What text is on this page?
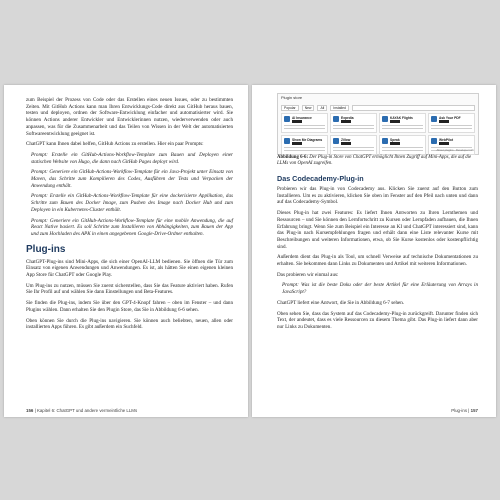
zum Beispiel der Prozess von Code oder das Erstellen eines neuen Issues, oder zu bestimmten Zeiten. Mit GitHub Actions kann man Ihren Entwicklungs-Code direkt aus GitHub heraus bauen, testen und deployen, ordnen der Software-Entwicklung einfacher und automatisierter wird. Sie können Actions anderer Entwickler und Entwicklerinnen nutzen, wiederverwenden oder auch anpassen, was für die Zusammenarbeit und das Teilen von Wissen in der Welt der automatisierten Softwareentwicklung geeignet ist.

ChatGPT kann Ihnen dabei helfen, GitHub Actions zu erstellen. Hier ein paar Prompts:

Prompt: Erstelle ein GitHub-Actions-Workflow-Template zum Bauen und Deployen einer statischen Website von Hugo, die dann nach GitHub Pages deployt wird.

Prompt: Generiere ein GitHub-Actions-Workflow-Template für ein Java-Projekt unter Einsatz von Maven, das Schritte zum Kompilieren des Codes, Ausführen der Tests und Verpacken der Anwendung enthält.

Prompt: Erstelle ein GitHub-Actions-Workflow-Template für eine dockerisierte Applikation, das Schritte zum Bauen des Docker Image, zum Pushen des Image nach Docker Hub und zum Deployen in ein Kubernetes-Cluster enthält.

Prompt: Generiere ein GitHub-Actions-Workflow-Template für eine mobile Anwendung, die auf React Native basiert. Es soll Schritte zum Installieren von Abhängigkeiten, zum Bauen der App und zum Hochladen des APK in einen angegebenen Google-Drive-Ordner enthalten.

Plug-ins

ChatGPT-Plug-ins sind Mini-Apps, die sich einer OpenAI-LLM bedienen. Sie öffnen die Tür zum Einsatz von eigenen Anwendungen und Anwendungen. Es ist, als hätten Sie einen eigenen kleinen App Store für ChatGPT oder Google Play.

Um Plug-ins zu nutzen, müssen Sie zuerst sicherstellen, dass Sie das Feature aktiviert haben. Rufen Sie Ihr Profil auf und wählen Sie dann Einstellungen und Beta-Features.

Sie finden die Plug-ins, indem Sie über den GPT-4-Knopf fahren – oben im Fenster – und dann Plugins wählen. Dann erhalten Sie den Plugin Store, das Sie in Abbildung 6-6 sehen.

Oben können Sie durch die Plug-ins navigieren. Sie können auch beliebten, neuen, allen oder installierten Apps führen. Es gibt außerdem ein Suchfeld.

156 | Kapitel 6: ChatGPT und andere vermeintliche LLMs
Plugin store
Popular	New	All	Installed
AI Insurance	Expedia	KAYAK Flights	Ask Your PDF
Show Me Diagrams	Zillow	Speak	WebPilot
About plugins · Developer info
Abbildung 6-6: Der Plug-in Store von ChatGPT ermöglicht Ihnen Zugriff auf Mini-Apps, die auf die LLMs von OpenAI zugreifen.
Das Codecademy-Plug-in

Probieren wir das Plug-in von Codecademy aus. Klicken Sie zuerst auf den Button zum Installieren. Um es zu aktivieren, klicken Sie oben im Fenster auf den Pfeil nach unten und dann auf das Codecademy-Symbol.

Dieses Plug-in hat zwei Features: Es liefert Ihnen Antworten zu Ihren Lernthemen und Ressourcen – und Sie können den Lernfortschritt zu Kursen oder Lernpfaden aufbauen, die Ihnen Erfahrung bringt. Wenn Sie zum Beispiel ein Interesse an KI und ChatGPT interessiert sind, kann das Plug-in nach Kursempfehlungen fragen und erhält dann eine Liste relevanter Kurse mit Beschreibungen und weiteren Informationen, etwa, ob Sie Kurse kostenlos oder kostenpflichtig sind.

Außerdem dient das Plug-in als Tool, um schnell Verweise auf technische Dokumentationen zu erhalten. Sie bekommen dann Links zu Dokumenten und Artikel mit weiteren Informationen.

Das probieren wir einmal aus:

Prompt: Was ist die beste Doku oder der beste Artikel für eine Erläuterung von Arrays in JavaScript?

ChatGPT liefert eine Antwort, die Sie in Abbildung 6-7 sehen.

Oben sehen Sie, dass das System auf das Codecademy-Plug-in zurückgreift. Darunter finden sich Text, der andeutet, dass es viele Ressourcen zu diesem Thema gibt. Das Plug-in liefert dann aber nur Links zu Dokumenten.

Plug-ins | 157
